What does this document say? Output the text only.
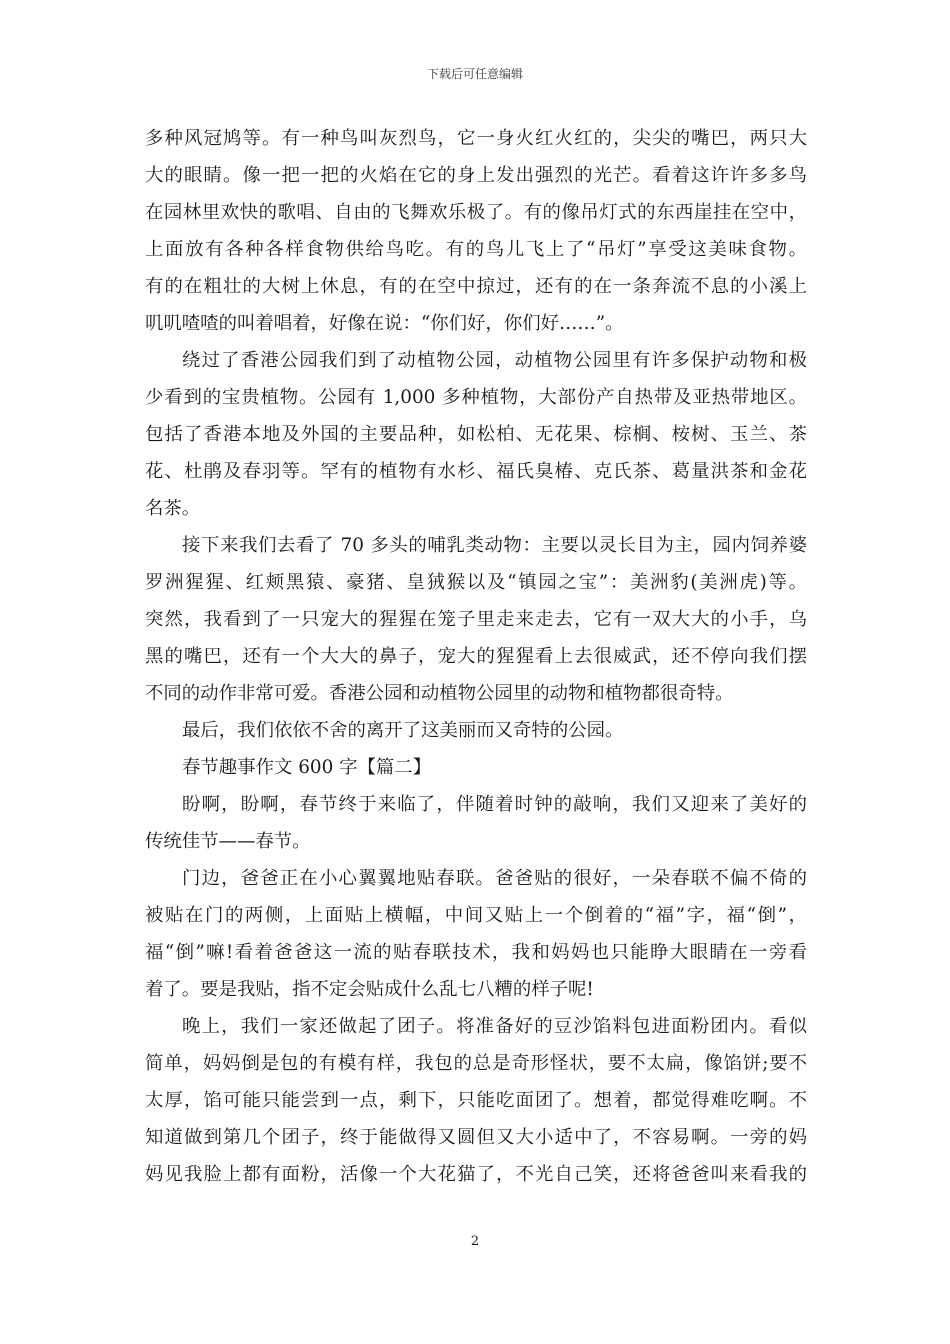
下载后可任意编辑
多种风冠鸠等。有一种鸟叫灰烈鸟，它一身火红火红的，尖尖的嘴巴，两只大
大的眼睛。像一把一把的火焰在它的身上发出强烈的光芒。看着这许许多多鸟
在园林里欢快的歌唱、自由的飞舞欢乐极了。有的像吊灯式的东西崖挂在空中，
上面放有各种各样食物供给鸟吃。有的鸟儿飞上了“吊灯”享受这美味食物。
有的在粗壮的大树上休息，有的在空中掠过，还有的在一条奔流不息的小溪上
叽叽喳喳的叫着唱着，好像在说：“你们好，你们好……”。
绕过了香港公园我们到了动植物公园，动植物公园里有许多保护动物和极
少看到的宝贵植物。公园有 1,000 多种植物，大部份产自热带及亚热带地区。
包括了香港本地及外国的主要品种，如松柏、无花果、棕榈、桉树、玉兰、茶
花、杜鹃及春羽等。罕有的植物有水杉、福氏臭椿、克氏茶、葛量洪茶和金花
名茶。
接下来我们去看了 70 多头的哺乳类动物：主要以灵长目为主，园内饲养婆
罗洲猩猩、红颊黑猿、豪猪、皇狨猴以及“镇园之宝”：美洲豹(美洲虎)等。
突然，我看到了一只宠大的猩猩在笼子里走来走去，它有一双大大的小手，乌
黑的嘴巴，还有一个大大的鼻子，宠大的猩猩看上去很威武，还不停向我们摆
不同的动作非常可爱。香港公园和动植物公园里的动物和植物都很奇特。
最后，我们依依不舍的离开了这美丽而又奇特的公园。
春节趣事作文 600 字【篇二】
盼啊，盼啊，春节终于来临了，伴随着时钟的敲响，我们又迎来了美好的
传统佳节——春节。
门边，爸爸正在小心翼翼地贴春联。爸爸贴的很好，一朵春联不偏不倚的
被贴在门的两侧，上面贴上横幅，中间又贴上一个倒着的“福”字，福“倒”，
福“倒”嘛!看着爸爸这一流的贴春联技术，我和妈妈也只能睁大眼睛在一旁看
着了。要是我贴，指不定会贴成什么乱七八糟的样子呢!
晚上，我们一家还做起了团子。将准备好的豆沙馅料包进面粉团内。看似
简单，妈妈倒是包的有模有样，我包的总是奇形怪状，要不太扁，像馅饼;要不
太厚，馅可能只能尝到一点，剩下，只能吃面团了。想着，都觉得难吃啊。不
知道做到第几个团子，终于能做得又圆但又大小适中了，不容易啊。一旁的妈
妈见我脸上都有面粉，活像一个大花猫了，不光自己笑，还将爸爸叫来看我的
2
